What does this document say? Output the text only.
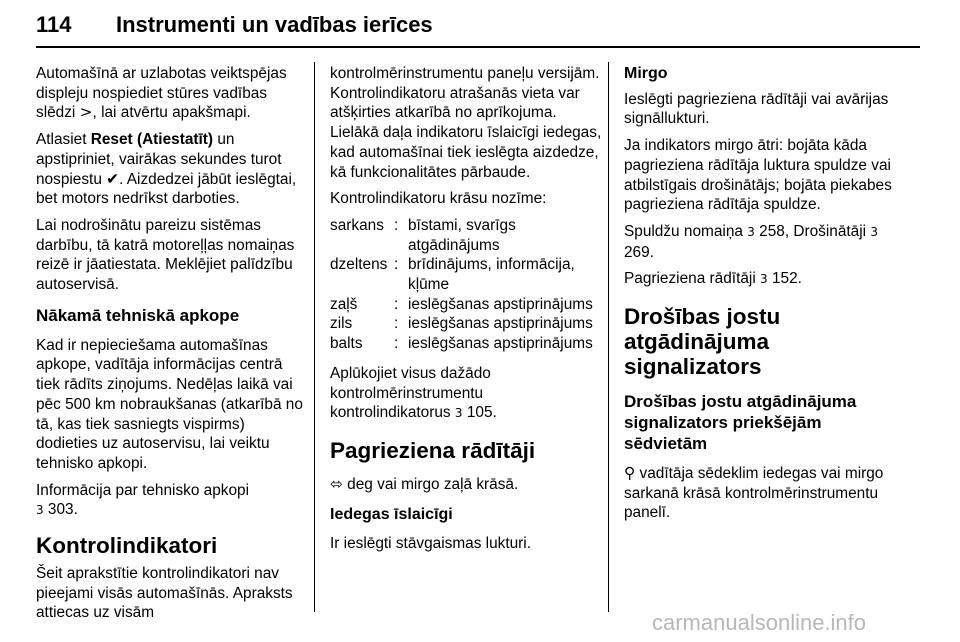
114 Instrumenti un vadības ierīces

Automašīnā ar uzlabotas veiktspējas displeju nospiediet stūres vadības slēdzi >, lai atvērtu apakšmapi.

Atlasiet Reset (Atiestatīt) un apstipriniet, vairākas sekundes turot nospiestu ✔. Aizdedzei jābūt ieslēgtai, bet motors nedrīkst darboties.

Lai nodrošinātu pareizu sistēmas darbību, tā katrā motoreļļas nomaiņas reizē ir jāatiestata. Meklējiet palīdzību autoservisā.

Nākamā tehniskā apkope

Kad ir nepieciešama automašīnas apkope, vadītāja informācijas centrā tiek rādīts ziņojums. Nedēļas laikā vai pēc 500 km nobraukšanas (atkarībā no tā, kas tiek sasniegts vispirms) dodieties uz autoservisu, lai veiktu tehnisko apkopi.

Informācija par tehnisko apkopi
3 303.

Kontrolindikatori

Šeit aprakstītie kontrolindikatori nav pieejami visās automašīnās. Apraksts attiecas uz visām

kontrolmērinstrumentu paneļu versijām. Kontrolindikatoru atrašanās vieta var atšķirties atkarībā no aprīkojuma. Lielākā daļa indikatoru īslaicīgi iedegas, kad automašīnai tiek ieslēgta aizdedze, kā funkcionalitātes pārbaude.

Kontrolindikatoru krāsu nozīme:

sarkans	:	bīstami, svarīgs atgādinājums
dzeltens	:	brīdinājums, informācija, kļūme
zaļš	:	ieslēgšanas apstiprinājums
zils	:	ieslēgšanas apstiprinājums
balts	:	ieslēgšanas apstiprinājums

Aplūkojiet visus dažādo kontrolmērinstrumentu kontrolindikatorus 3 105.

Pagrieziena rādītāji

⬄ deg vai mirgo zaļā krāsā.

Iedegas īslaicīgi

Ir ieslēgti stāvgaismas lukturi.

Mirgo

Ieslēgti pagrieziena rādītāji vai avārijas signāllukturi.

Ja indikators mirgo ātri: bojāta kāda pagrieziena rādītāja luktura spuldze vai atbilstīgais drošinātājs; bojāta piekabes pagrieziena rādītāja spuldze.

Spuldžu nomaiņa 3 258, Drošinātāji 3 269.

Pagrieziena rādītāji 3 152.

Drošības jostu atgādinājuma signalizators
Drošības jostu atgādinājuma signalizators priekšējām sēdvietām

⚲ vadītāja sēdeklim iedegas vai mirgo sarkanā krāsā kontrolmērinstrumentu panelī.

carmanualsonline.info
